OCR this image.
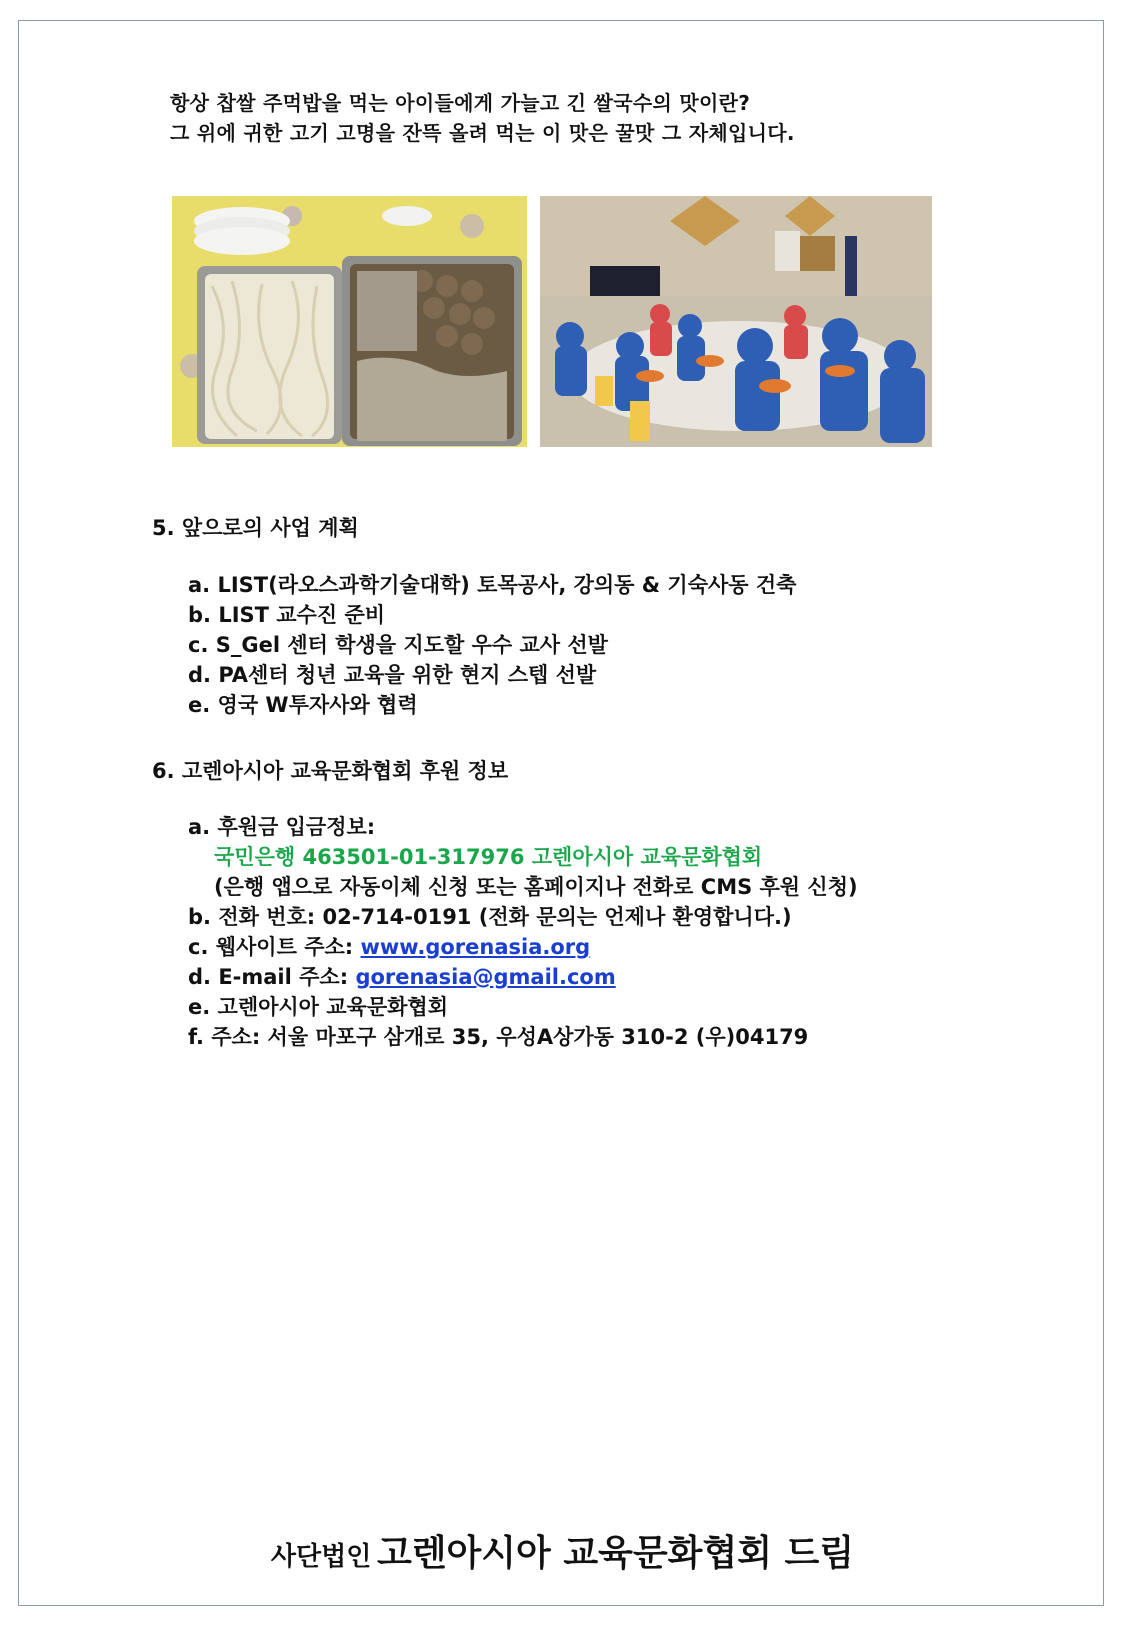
항상 찹쌀 주먹밥을 먹는 아이들에게 가늘고 긴 쌀국수의 맛이란?
그 위에 귀한 고기 고명을 잔뜩 올려 먹는 이 맛은 꿀맛 그 자체입니다.
5. 앞으로의 사업 계획
a. LIST(라오스과학기술대학) 토목공사, 강의동 & 기숙사동 건축
b. LIST 교수진 준비
c. S_Gel 센터 학생을 지도할 우수 교사 선발
d. PA센터 청년 교육을 위한 현지 스텝 선발
e. 영국 W투자사와 협력
6. 고렌아시아 교육문화협회 후원 정보
a. 후원금 입금정보:
국민은행 463501-01-317976 고렌아시아 교육문화협회
(은행 앱으로 자동이체 신청 또는 홈페이지나 전화로 CMS 후원 신청)
b. 전화 번호: 02-714-0191 (전화 문의는 언제나 환영합니다.)
c. 웹사이트 주소: www.gorenasia.org
d. E-mail 주소: gorenasia@gmail.com
e. 고렌아시아 교육문화협회
f. 주소: 서울 마포구 삼개로 35, 우성A상가동 310-2 (우)04179
사단법인 고렌아시아 교육문화협회 드림
